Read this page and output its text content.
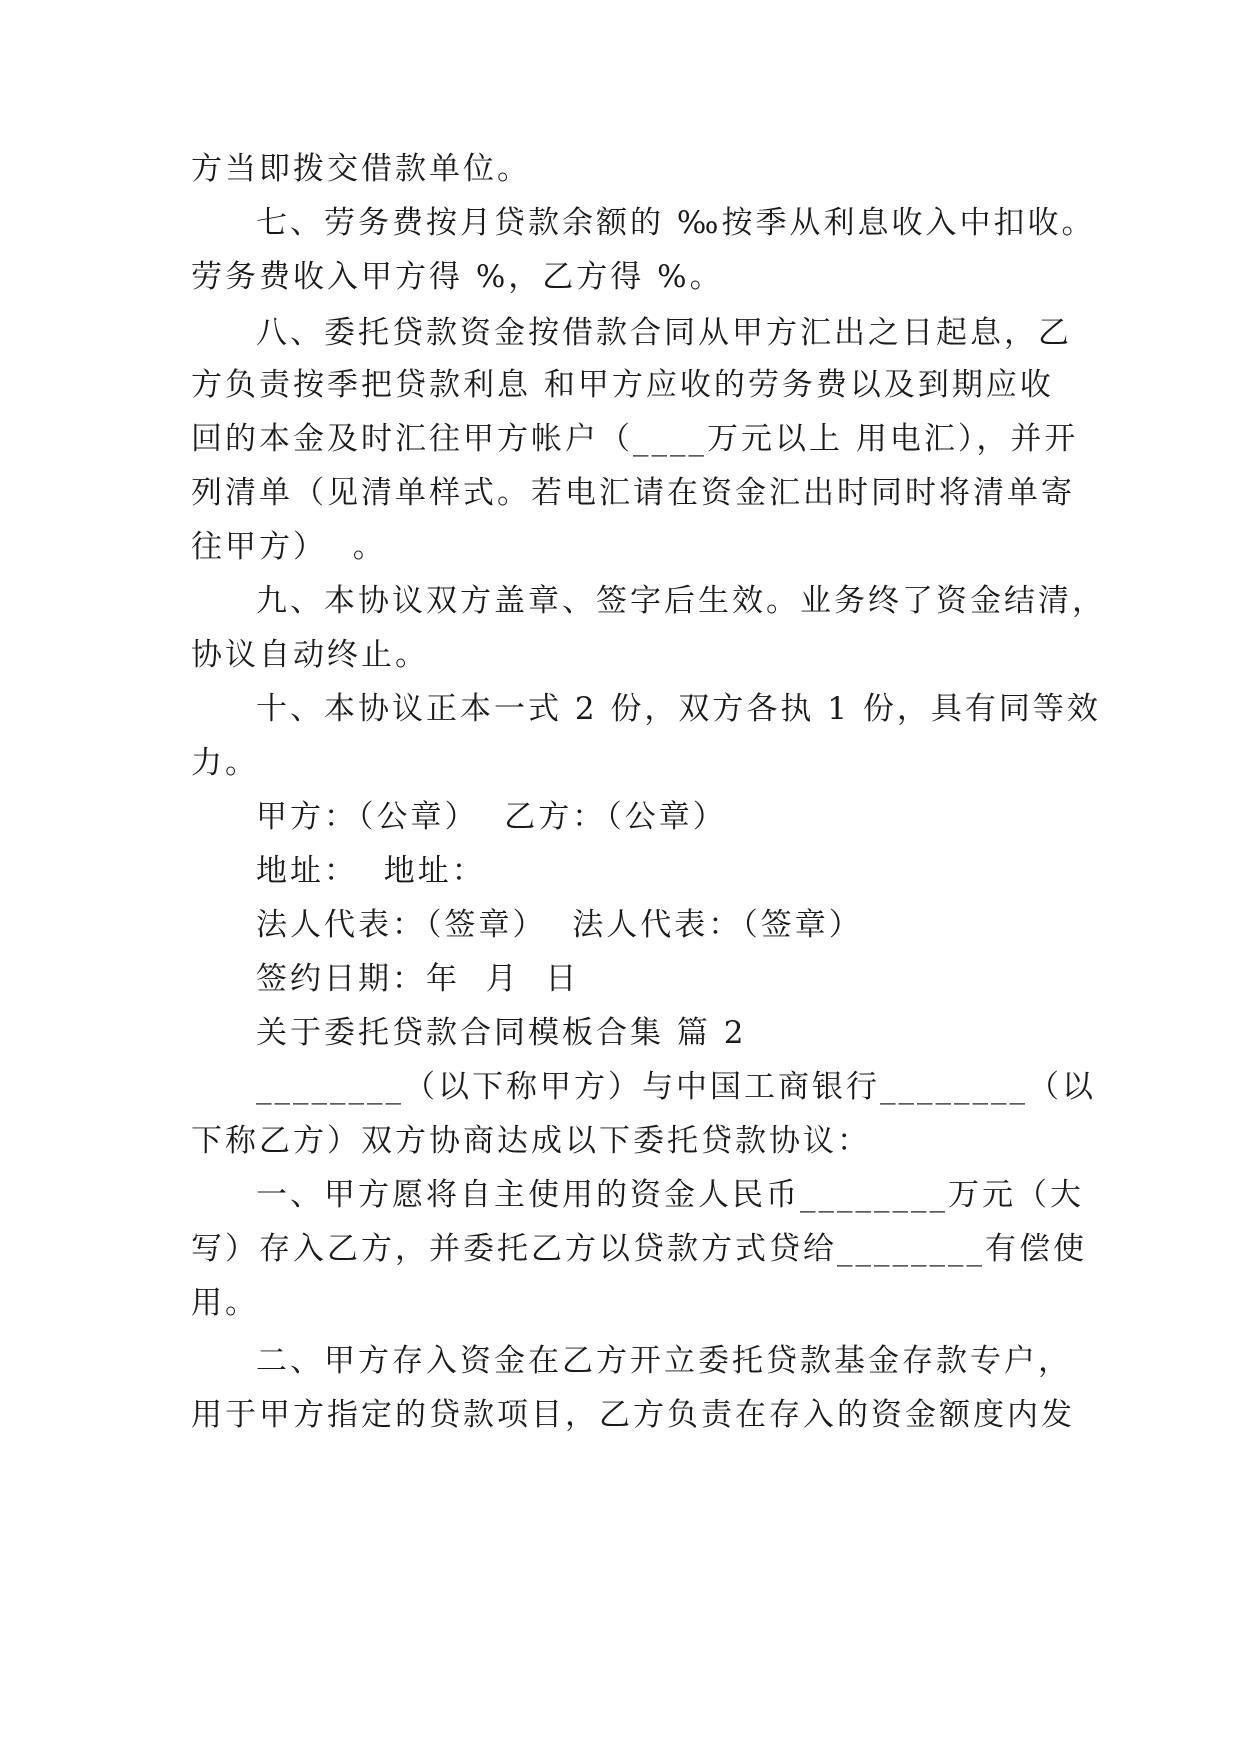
方当即拨交借款单位。
七、劳务费按月贷款余额的 ‰按季从利息收入中扣收。
劳务费收入甲方得 %，乙方得 %。
八、委托贷款资金按借款合同从甲方汇出之日起息，乙
方负责按季把贷款利息 和甲方应收的劳务费以及到期应收
回的本金及时汇往甲方帐户（____万元以上 用电汇），并开
列清单（见清单样式。若电汇请在资金汇出时同时将清单寄
往甲方）  。
九、本协议双方盖章、签字后生效。业务终了资金结清，
协议自动终止。
十、本协议正本一式 2 份，双方各执 1 份，具有同等效
力。
甲方：（公章）  乙方：（公章）
地址：  地址：
法人代表：（签章）  法人代表：（签章）
签约日期：年  月  日
关于委托贷款合同模板合集 篇 2
________（以下称甲方）与中国工商银行________（以
下称乙方）双方协商达成以下委托贷款协议：
一、甲方愿将自主使用的资金人民币________万元（大
写）存入乙方，并委托乙方以贷款方式贷给________有偿使
用。
二、甲方存入资金在乙方开立委托贷款基金存款专户，
用于甲方指定的贷款项目，乙方负责在存入的资金额度内发
